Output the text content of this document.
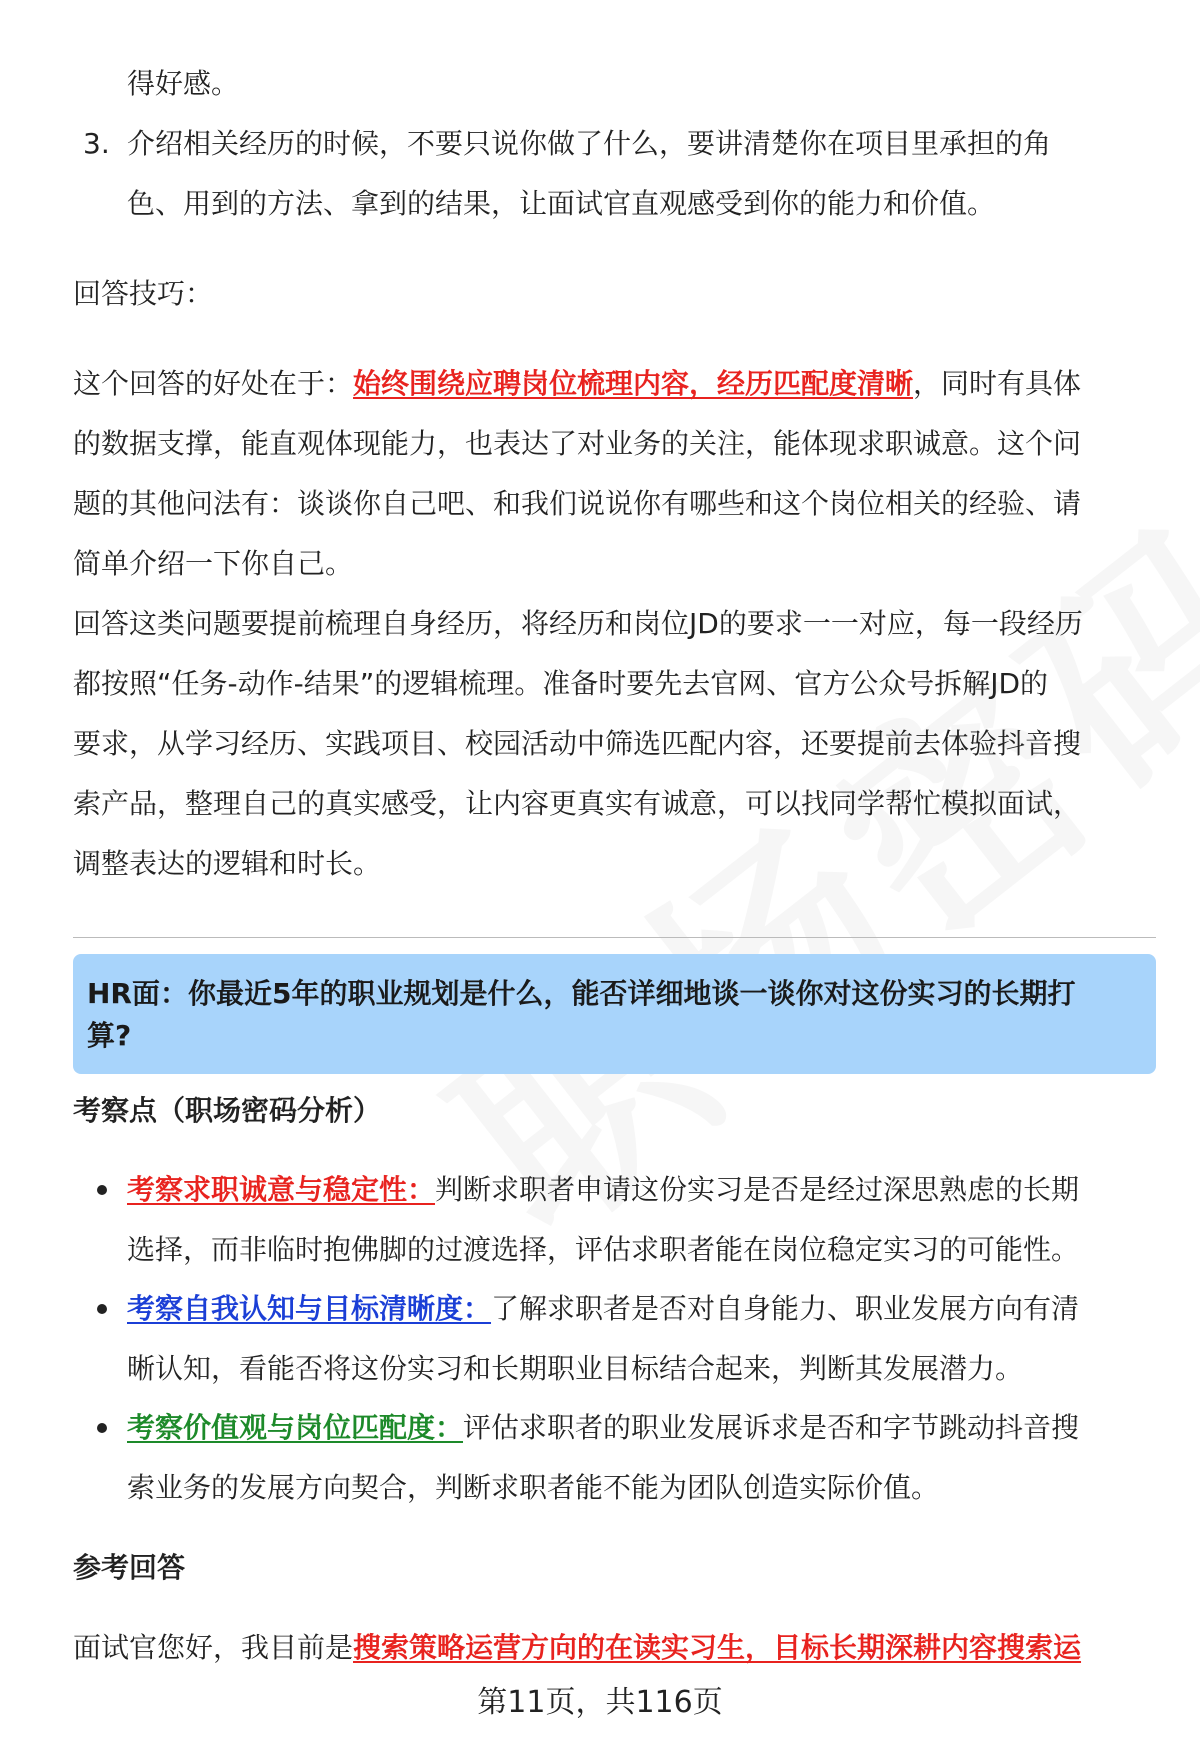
得好感。
3. 介绍相关经历的时候，不要只说你做了什么，要讲清楚你在项目里承担的角
色、用到的方法、拿到的结果，让面试官直观感受到你的能力和价值。
回答技巧：
这个回答的好处在于：始终围绕应聘岗位梳理内容，经历匹配度清晰，同时有具体
的数据支撑，能直观体现能力，也表达了对业务的关注，能体现求职诚意。这个问
题的其他问法有：谈谈你自己吧、和我们说说你有哪些和这个岗位相关的经验、请
简单介绍一下你自己。
回答这类问题要提前梳理自身经历，将经历和岗位JD的要求一一对应，每一段经历
都按照“任务-动作-结果”的逻辑梳理。准备时要先去官网、官方公众号拆解JD的
要求，从学习经历、实践项目、校园活动中筛选匹配内容，还要提前去体验抖音搜
索产品，整理自己的真实感受，让内容更真实有诚意，可以找同学帮忙模拟面试，
调整表达的逻辑和时长。
HR面：你最近5年的职业规划是什么，能否详细地谈一谈你对这份实习的长期打
算?
考察点（职场密码分析）
考察求职诚意与稳定性：判断求职者申请这份实习是否是经过深思熟虑的长期
选择，而非临时抱佛脚的过渡选择，评估求职者能在岗位稳定实习的可能性。
考察自我认知与目标清晰度：了解求职者是否对自身能力、职业发展方向有清
晰认知，看能否将这份实习和长期职业目标结合起来，判断其发展潜力。
考察价值观与岗位匹配度：评估求职者的职业发展诉求是否和字节跳动抖音搜
索业务的发展方向契合，判断求职者能不能为团队创造实际价值。
参考回答
面试官您好，我目前是搜索策略运营方向的在读实习生，目标长期深耕内容搜索运
第11页，共116页
